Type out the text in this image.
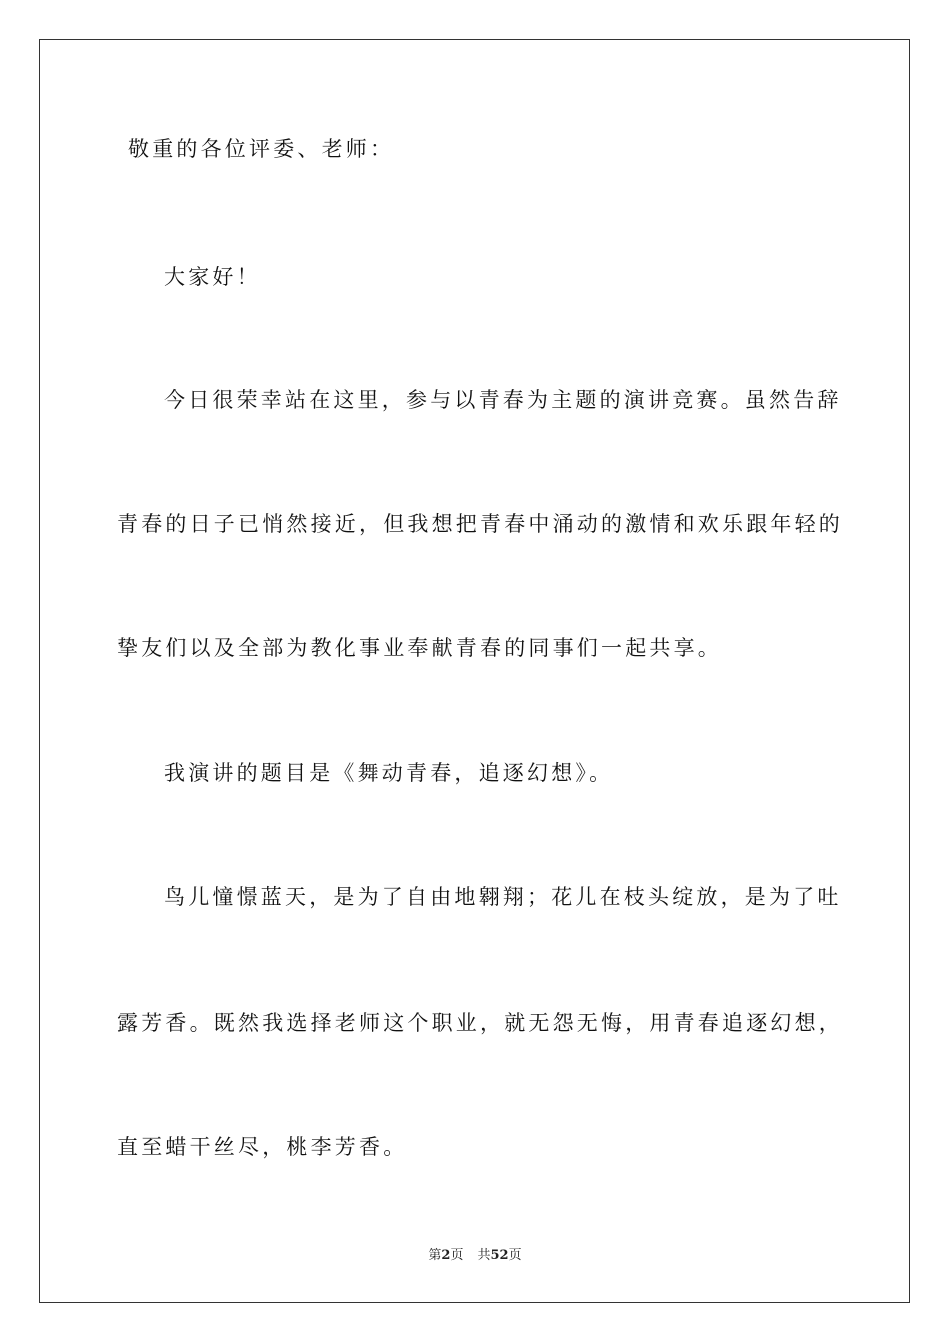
敬重的各位评委、老师：
大家好！
今日很荣幸站在这里，参与以青春为主题的演讲竞赛。虽然告辞
青春的日子已悄然接近，但我想把青春中涌动的激情和欢乐跟年轻的
挚友们以及全部为教化事业奉献青春的同事们一起共享。
我演讲的题目是《舞动青春，追逐幻想》。
鸟儿憧憬蓝天，是为了自由地翱翔；花儿在枝头绽放，是为了吐
露芳香。既然我选择老师这个职业，就无怨无悔，用青春追逐幻想，
直至蜡干丝尽，桃李芳香。
第2页 共52页
